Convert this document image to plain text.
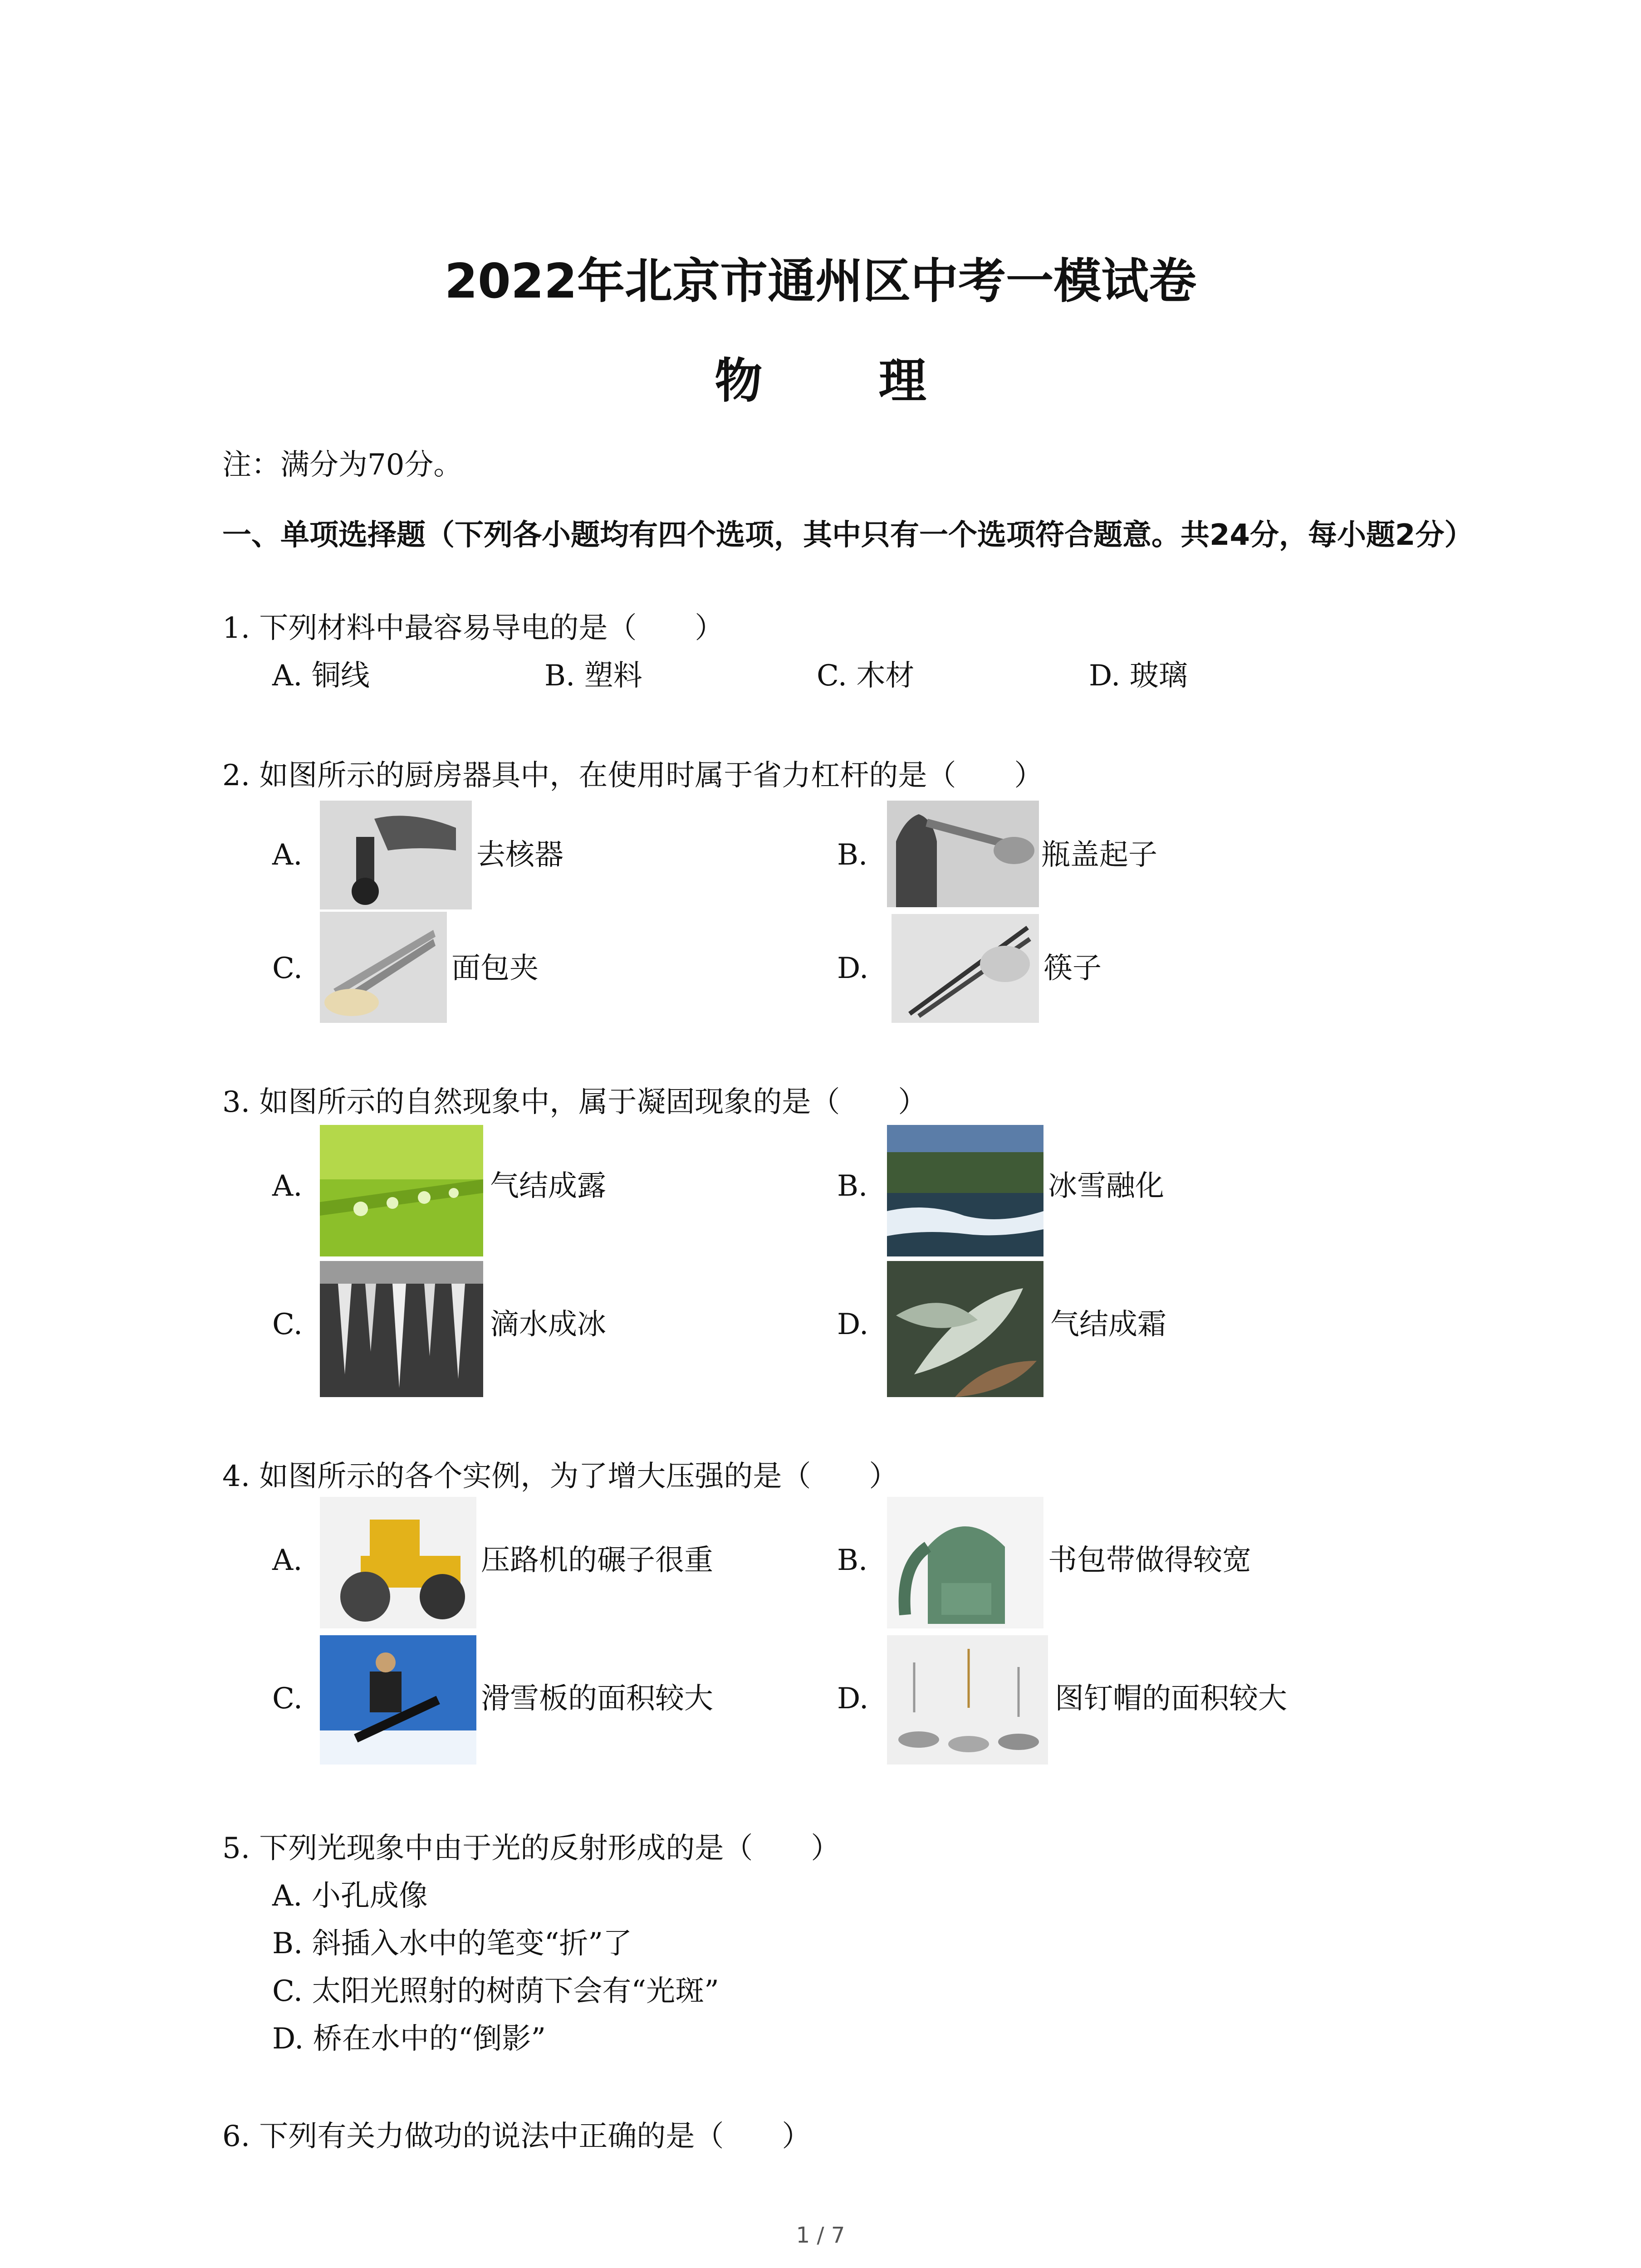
2022年北京市通州区中考一模试卷
物 理
注：满分为70分。
一、单项选择题（下列各小题均有四个选项，其中只有一个选项符合题意。共24分，每小题2分）
1. 下列材料中最容易导电的是（　　）
A. 铜线	B. 塑料	C. 木材	D. 玻璃
2. 如图所示的厨房器具中，在使用时属于省力杠杆的是（　　）
A.	去核器	B.	瓶盖起子
C.	面包夹	D.	筷子
3. 如图所示的自然现象中，属于凝固现象的是（　　）
A.	气结成露	B.	冰雪融化
C.	滴水成冰	D.	气结成霜
4. 如图所示的各个实例，为了增大压强的是（　　）
A.	压路机的碾子很重	B.	书包带做得较宽
C.	滑雪板的面积较大	D.	图钉帽的面积较大
5. 下列光现象中由于光的反射形成的是（　　）
A. 小孔成像
B. 斜插入水中的笔变“折”了
C. 太阳光照射的树荫下会有“光斑”
D. 桥在水中的“倒影”
6. 下列有关力做功的说法中正确的是（　　）
1 / 7
